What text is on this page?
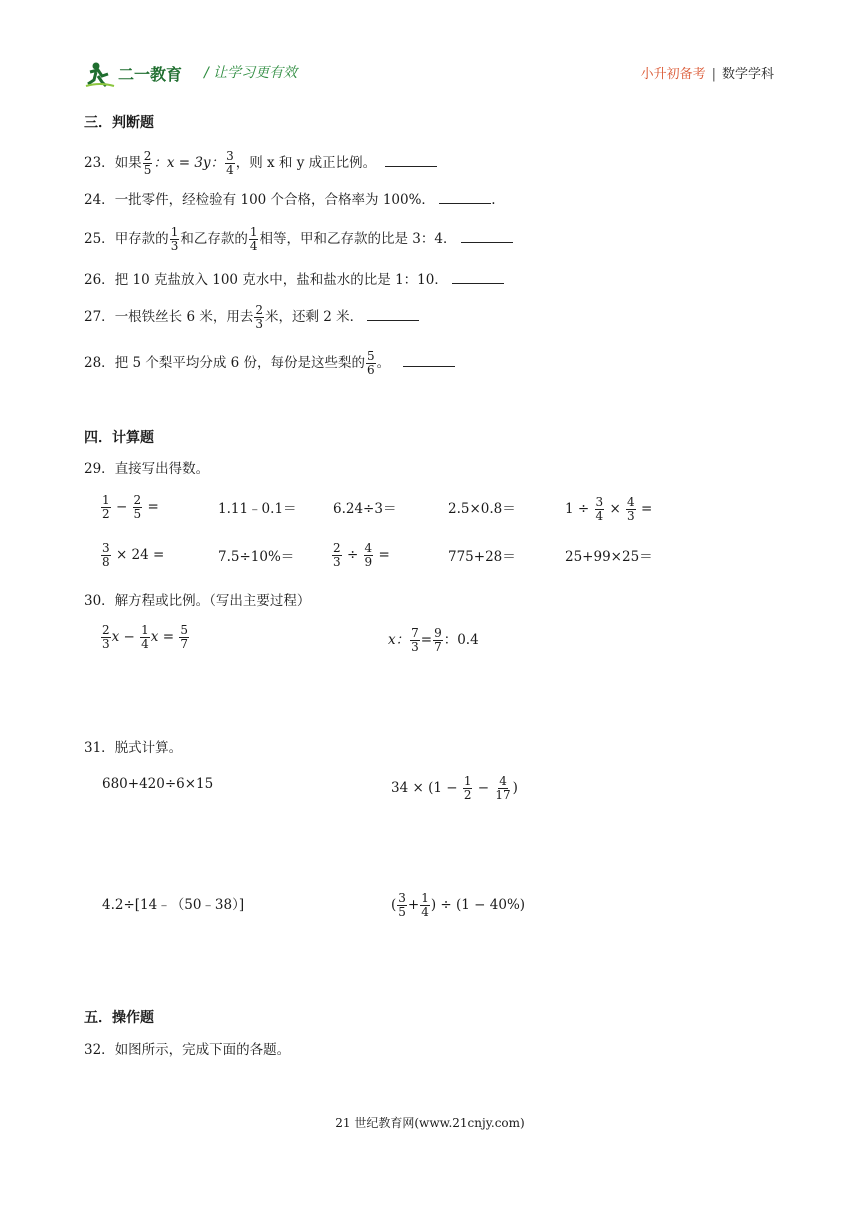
二一教育 / 让学习更有效	小升初备考 | 数学学科
三．判断题
23．如果 $\frac{2}{5}$ ：x = 3y： $\frac{3}{4}$ ，则 x 和 y 成正比例。
24．一批零件，经检验有 100 个合格，合格率为 100%．	.
25．甲存款的 $\frac{1}{3}$ 和乙存款的 $\frac{1}{4}$ 相等，甲和乙存款的比是 3：4．
26．把 10 克盐放入 100 克水中，盐和盐水的比是 1：10．
27．一根铁丝长 6 米，用去 $\frac{2}{3}$ 米，还剩 2 米．
28．把 5 个梨平均分成 6 份，每份是这些梨的 $\frac{5}{6}$ 。
四．计算题
29．直接写出得数。
$\frac{1}{2} - \frac{2}{5}$ =	1.11﹣0.1＝	6.24÷3＝	2.5×0.8＝	$1 \div \frac{3}{4} \times \frac{4}{3}$ =
$\frac{3}{8} \times 24$ =	7.5÷10%＝	$\frac{2}{3} \div \frac{4}{9}$ =	775+28＝	25+99×25＝
30．解方程或比例。（写出主要过程）
$\frac{2}{3}$ $x - \frac{1}{4}$ $x = \frac{5}{7}$	x： $\frac{7}{3} = \frac{9}{7}$ ：0.4
31．脱式计算。
680+420÷6×15	$34 \times (1 - \frac{1}{2} - \frac{4}{17}$ )
4.2÷[14﹣（50﹣38）]	( $\frac{3}{5} + \frac{1}{4}$ ) ÷ (1 − 40%)
五．操作题
32．如图所示，完成下面的各题。
21 世纪教育网(www.21cnjy.com)
